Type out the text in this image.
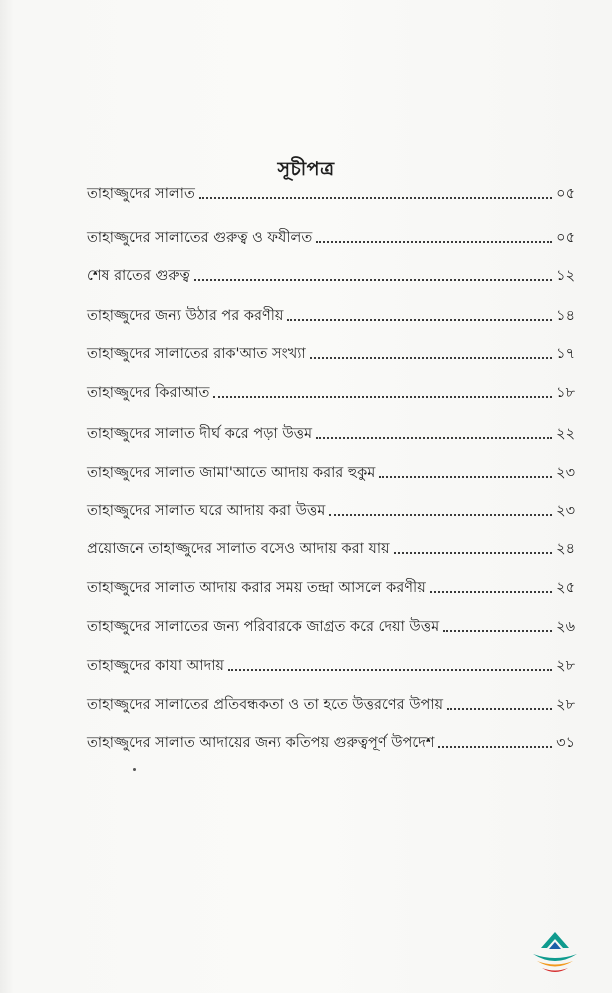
সূচীপত্র
তাহাজ্জুদের সালাত	০৫
তাহাজ্জুদের সালাতের গুরুত্ব ও ফযীলত	০৫
শেষ রাতের গুরুত্ব	১২
তাহাজ্জুদের জন্য উঠার পর করণীয়	১৪
তাহাজ্জুদের সালাতের রাক'আত সংখ্যা	১৭
তাহাজ্জুদের কিরাআত	১৮
তাহাজ্জুদের সালাত দীর্ঘ করে পড়া উত্তম	২২
তাহাজ্জুদের সালাত জামা'আতে আদায় করার হুকুম	২৩
তাহাজ্জুদের সালাত ঘরে আদায় করা উত্তম	২৩
প্রয়োজনে তাহাজ্জুদের সালাত বসেও আদায় করা যায়	২৪
তাহাজ্জুদের সালাত আদায় করার সময় তন্দ্রা আসলে করণীয়	২৫
তাহাজ্জুদের সালাতের জন্য পরিবারকে জাগ্রত করে দেয়া উত্তম	২৬
তাহাজ্জুদের কাযা আদায়	২৮
তাহাজ্জুদের সালাতের প্রতিবন্ধকতা ও তা হতে উত্তরণের উপায়	২৮
তাহাজ্জুদের সালাত আদায়ের জন্য কতিপয় গুরুত্বপূর্ণ উপদেশ	৩১
